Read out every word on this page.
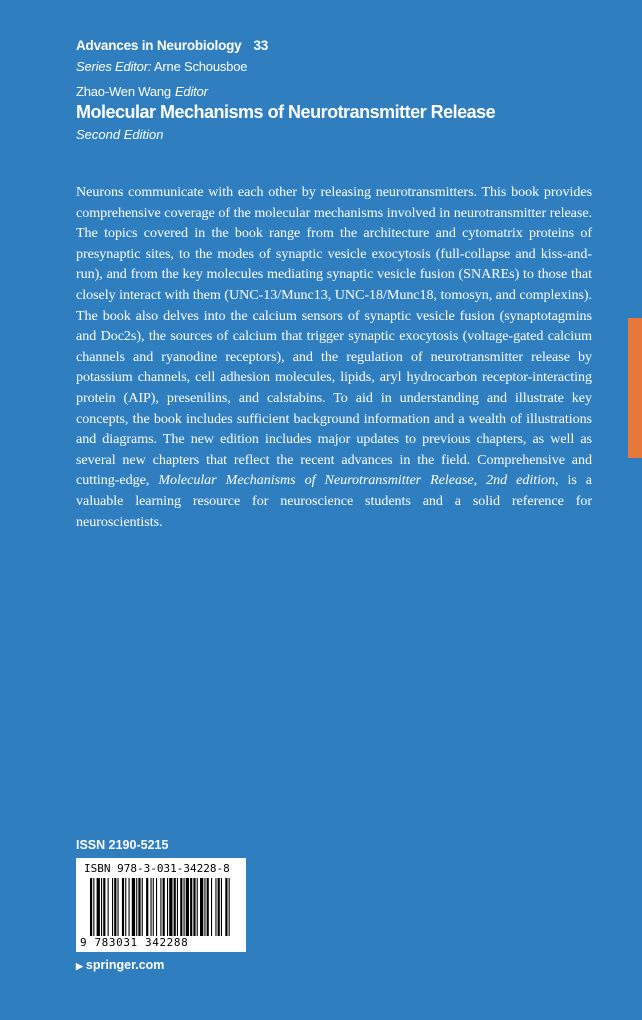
Advances in Neurobiology 33
Series Editor: Arne Schousboe
Zhao-Wen Wang Editor
Molecular Mechanisms of Neurotransmitter Release
Second Edition
Neurons communicate with each other by releasing neurotransmitters. This book provides comprehensive coverage of the molecular mechanisms involved in neurotransmitter release. The topics covered in the book range from the architecture and cytomatrix proteins of presynaptic sites, to the modes of synaptic vesicle exocytosis (full-collapse and kiss-and-run), and from the key molecules mediating synaptic vesicle fusion (SNAREs) to those that closely interact with them (UNC-13/Munc13, UNC-18/Munc18, tomosyn, and complexins). The book also delves into the calcium sensors of synaptic vesicle fusion (synaptotagmins and Doc2s), the sources of calcium that trigger synaptic exocytosis (voltage-gated calcium channels and ryanodine receptors), and the regulation of neurotransmitter release by potassium channels, cell adhesion molecules, lipids, aryl hydrocarbon receptor-interacting protein (AIP), presenilins, and calstabins. To aid in understanding and illustrate key concepts, the book includes sufficient background information and a wealth of illustrations and diagrams. The new edition includes major updates to previous chapters, as well as several new chapters that reflect the recent advances in the field. Comprehensive and cutting-edge, Molecular Mechanisms of Neurotransmitter Release, 2nd edition, is a valuable learning resource for neuroscience students and a solid reference for neuroscientists.
ISSN 2190-5215
ISBN 978-3-031-34228-8
9 783031 342288
▶ springer.com
